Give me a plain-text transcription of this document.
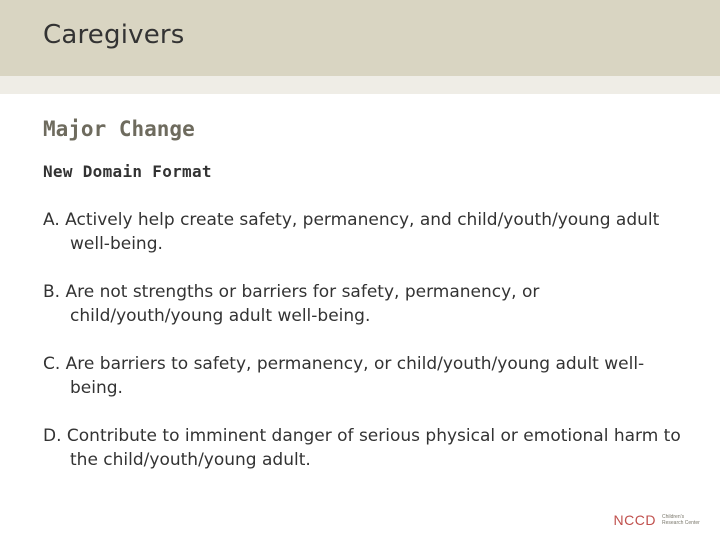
Caregivers
Major Change
New Domain Format
A. Actively help create safety, permanency, and child/youth/young adult well-being.
B. Are not strengths or barriers for safety, permanency, or child/youth/young adult well-being.
C. Are barriers to safety, permanency, or child/youth/young adult well-being.
D. Contribute to imminent danger of serious physical or emotional harm to the child/youth/young adult.
NCCD Children's Research Center
